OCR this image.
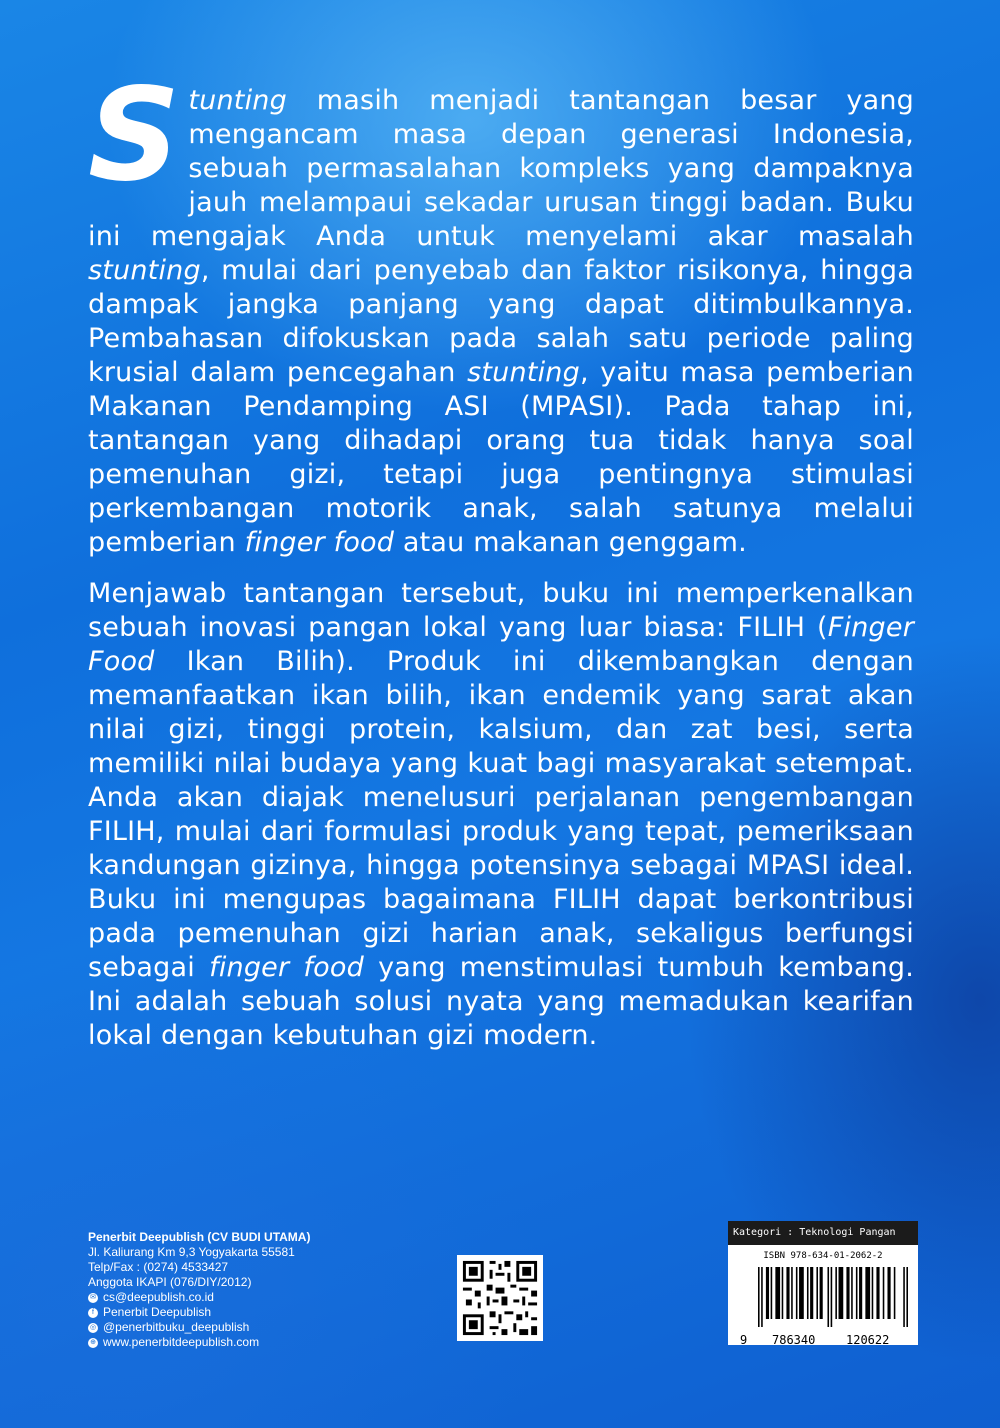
Stunting masih menjadi tantangan besar yang mengancam masa depan generasi Indonesia, sebuah permasalahan kompleks yang dampaknya jauh melampaui sekadar urusan tinggi badan. Buku ini mengajak Anda untuk menyelami akar masalah stunting, mulai dari penyebab dan faktor risikonya, hingga dampak jangka panjang yang dapat ditimbulkannya. Pembahasan difokuskan pada salah satu periode paling krusial dalam pencegahan stunting, yaitu masa pemberian Makanan Pendamping ASI (MPASI). Pada tahap ini, tantangan yang dihadapi orang tua tidak hanya soal pemenuhan gizi, tetapi juga pentingnya stimulasi perkembangan motorik anak, salah satunya melalui pemberian finger food atau makanan genggam.

Menjawab tantangan tersebut, buku ini memperkenalkan sebuah inovasi pangan lokal yang luar biasa: FILIH (Finger Food Ikan Bilih). Produk ini dikembangkan dengan memanfaatkan ikan bilih, ikan endemik yang sarat akan nilai gizi, tinggi protein, kalsium, dan zat besi, serta memiliki nilai budaya yang kuat bagi masyarakat setempat. Anda akan diajak menelusuri perjalanan pengembangan FILIH, mulai dari formulasi produk yang tepat, pemeriksaan kandungan gizinya, hingga potensinya sebagai MPASI ideal. Buku ini mengupas bagaimana FILIH dapat berkontribusi pada pemenuhan gizi harian anak, sekaligus berfungsi sebagai finger food yang menstimulasi tumbuh kembang. Ini adalah sebuah solusi nyata yang memadukan kearifan lokal dengan kebutuhan gizi modern.

Penerbit Deepublish (CV BUDI UTAMA)
Jl. Kaliurang Km 9,3 Yogyakarta 55581
Telp/Fax : (0274) 4533427
Anggota IKAPI (076/DIY/2012)
✉ cs@deepublish.co.id
f Penerbit Deepublish
◎ @penerbitbuku_deepublish
⊕ www.penerbitdeepublish.com
Kategori : Teknologi Pangan
ISBN 978-634-01-2062-2
9 786340	120622
